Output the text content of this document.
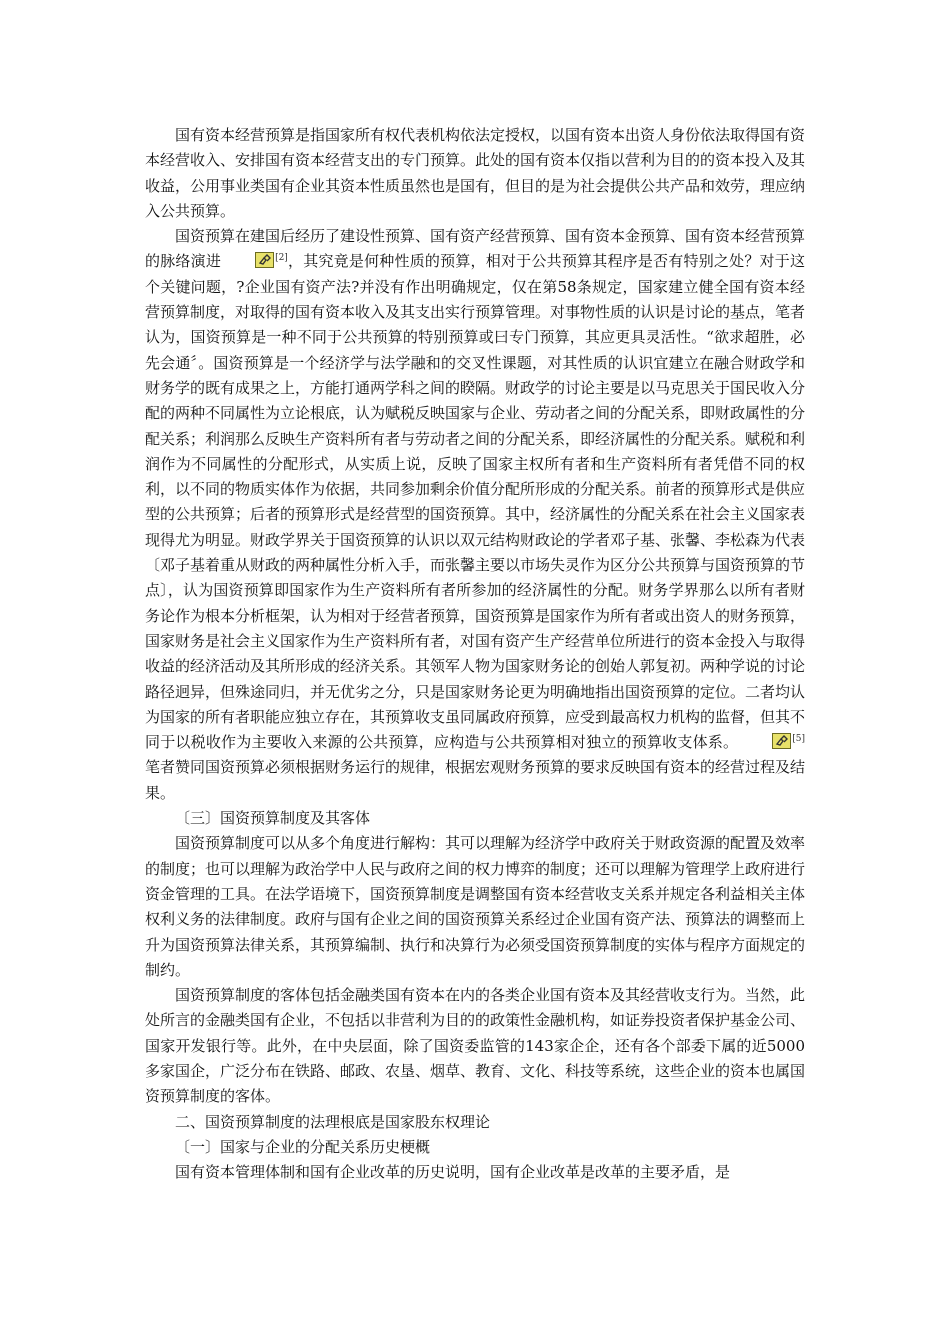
国有资本经营预算是指国家所有权代表机构依法定授权，以国有资本出资人身份依法取得国有资本经营收入、安排国有资本经营支出的专门预算。此处的国有资本仅指以营利为目的的资本投入及其收益，公用事业类国有企业其资本性质虽然也是国有，但目的是为社会提供公共产品和效劳，理应纳入公共预算。

国资预算在建国后经历了建设性预算、国有资产经营预算、国有资本金预算、国有资本经营预算的脉络演进	[2]，其究竟是何种性质的预算，相对于公共预算其程序是否有特别之处？对于这个关键问题，?企业国有资产法?并没有作出明确规定，仅在第58条规定，国家建立健全国有资本经营预算制度，对取得的国有资本收入及其支出实行预算管理。对事物性质的认识是讨论的基点，笔者认为，国资预算是一种不同于公共预算的特别预算或曰专门预算，其应更具灵活性。“欲求超胜，必先会通〞。国资预算是一个经济学与法学融和的交叉性课题，对其性质的认识宜建立在融合财政学和财务学的既有成果之上，方能打通两学科之间的睽隔。财政学的讨论主要是以马克思关于国民收入分配的两种不同属性为立论根底，认为赋税反映国家与企业、劳动者之间的分配关系，即财政属性的分配关系；利润那么反映生产资料所有者与劳动者之间的分配关系，即经济属性的分配关系。赋税和利润作为不同属性的分配形式，从实质上说，反映了国家主权所有者和生产资料所有者凭借不同的权利，以不同的物质实体作为依据，共同参加剩余价值分配所形成的分配关系。前者的预算形式是供应型的公共预算；后者的预算形式是经营型的国资预算。其中，经济属性的分配关系在社会主义国家表现得尤为明显。财政学界关于国资预算的认识以双元结构财政论的学者邓子基、张馨、李松森为代表〔邓子基着重从财政的两种属性分析入手，而张馨主要以市场失灵作为区分公共预算与国资预算的节点〕，认为国资预算即国家作为生产资料所有者所参加的经济属性的分配。财务学界那么以所有者财务论作为根本分析框架，认为相对于经营者预算，国资预算是国家作为所有者或出资人的财务预算，国家财务是社会主义国家作为生产资料所有者，对国有资产生产经营单位所进行的资本金投入与取得收益的经济活动及其所形成的经济关系。其领军人物为国家财务论的创始人郭复初。两种学说的讨论路径迥异，但殊途同归，并无优劣之分，只是国家财务论更为明确地指出国资预算的定位。二者均认为国家的所有者职能应独立存在，其预算收支虽同属政府预算，应受到最高权力机构的监督，但其不同于以税收作为主要收入来源的公共预算，应构造与公共预算相对独立的预算收支体系。	[5]笔者赞同国资预算必须根据财务运行的规律，根据宏观财务预算的要求反映国有资本的经营过程及结果。

〔三〕国资预算制度及其客体

国资预算制度可以从多个角度进行解构：其可以理解为经济学中政府关于财政资源的配置及效率的制度；也可以理解为政治学中人民与政府之间的权力博弈的制度；还可以理解为管理学上政府进行资金管理的工具。在法学语境下，国资预算制度是调整国有资本经营收支关系并规定各利益相关主体权利义务的法律制度。政府与国有企业之间的国资预算关系经过企业国有资产法、预算法的调整而上升为国资预算法律关系，其预算编制、执行和决算行为必须受国资预算制度的实体与程序方面规定的制约。

国资预算制度的客体包括金融类国有资本在内的各类企业国有资本及其经营收支行为。当然，此处所言的金融类国有企业，不包括以非营利为目的的政策性金融机构，如证券投资者保护基金公司、国家开发银行等。此外，在中央层面，除了国资委监管的143家企企，还有各个部委下属的近5000多家国企，广泛分布在铁路、邮政、农垦、烟草、教育、文化、科技等系统，这些企业的资本也属国资预算制度的客体。

二、国资预算制度的法理根底是国家股东权理论

〔一〕国家与企业的分配关系历史梗概

国有资本管理体制和国有企业改革的历史说明，国有企业改革是改革的主要矛盾，是
